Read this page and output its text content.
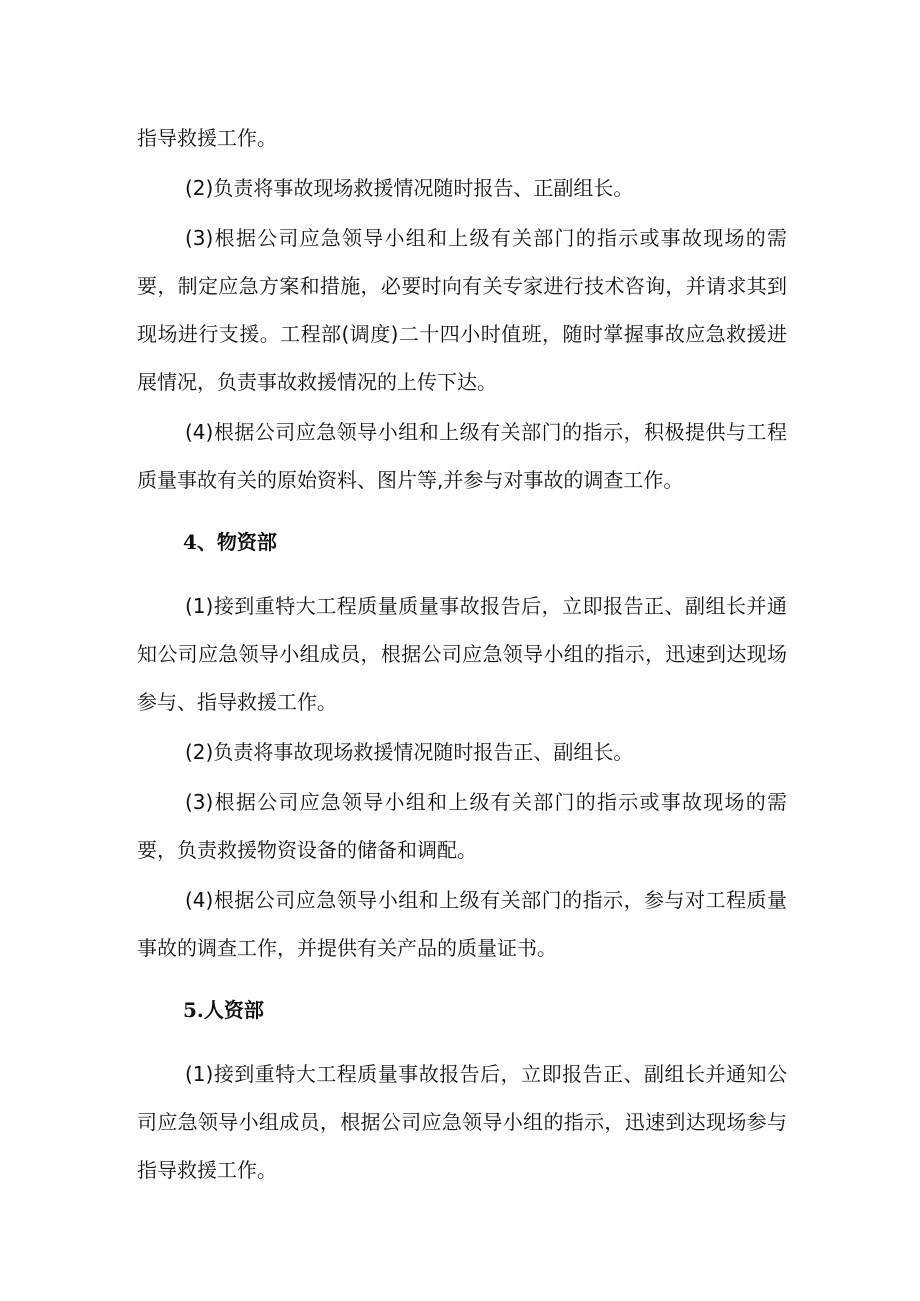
指导救援工作。

(2)负责将事故现场救援情况随时报告、正副组长。

(3)根据公司应急领导小组和上级有关部门的指示或事故现场的需要，制定应急方案和措施，必要时向有关专家进行技术咨询，并请求其到现场进行支援。工程部(调度)二十四小时值班，随时掌握事故应急救援进展情况，负责事故救援情况的上传下达。

(4)根据公司应急领导小组和上级有关部门的指示，积极提供与工程质量事故有关的原始资料、图片等,并参与对事故的调查工作。

4、物资部

(1)接到重特大工程质量质量事故报告后，立即报告正、副组长并通知公司应急领导小组成员，根据公司应急领导小组的指示，迅速到达现场参与、指导救援工作。

(2)负责将事故现场救援情况随时报告正、副组长。

(3)根据公司应急领导小组和上级有关部门的指示或事故现场的需要，负责救援物资设备的储备和调配。

(4)根据公司应急领导小组和上级有关部门的指示，参与对工程质量事故的调查工作，并提供有关产品的质量证书。

5.人资部

(1)接到重特大工程质量事故报告后，立即报告正、副组长并通知公司应急领导小组成员，根据公司应急领导小组的指示，迅速到达现场参与指导救援工作。
